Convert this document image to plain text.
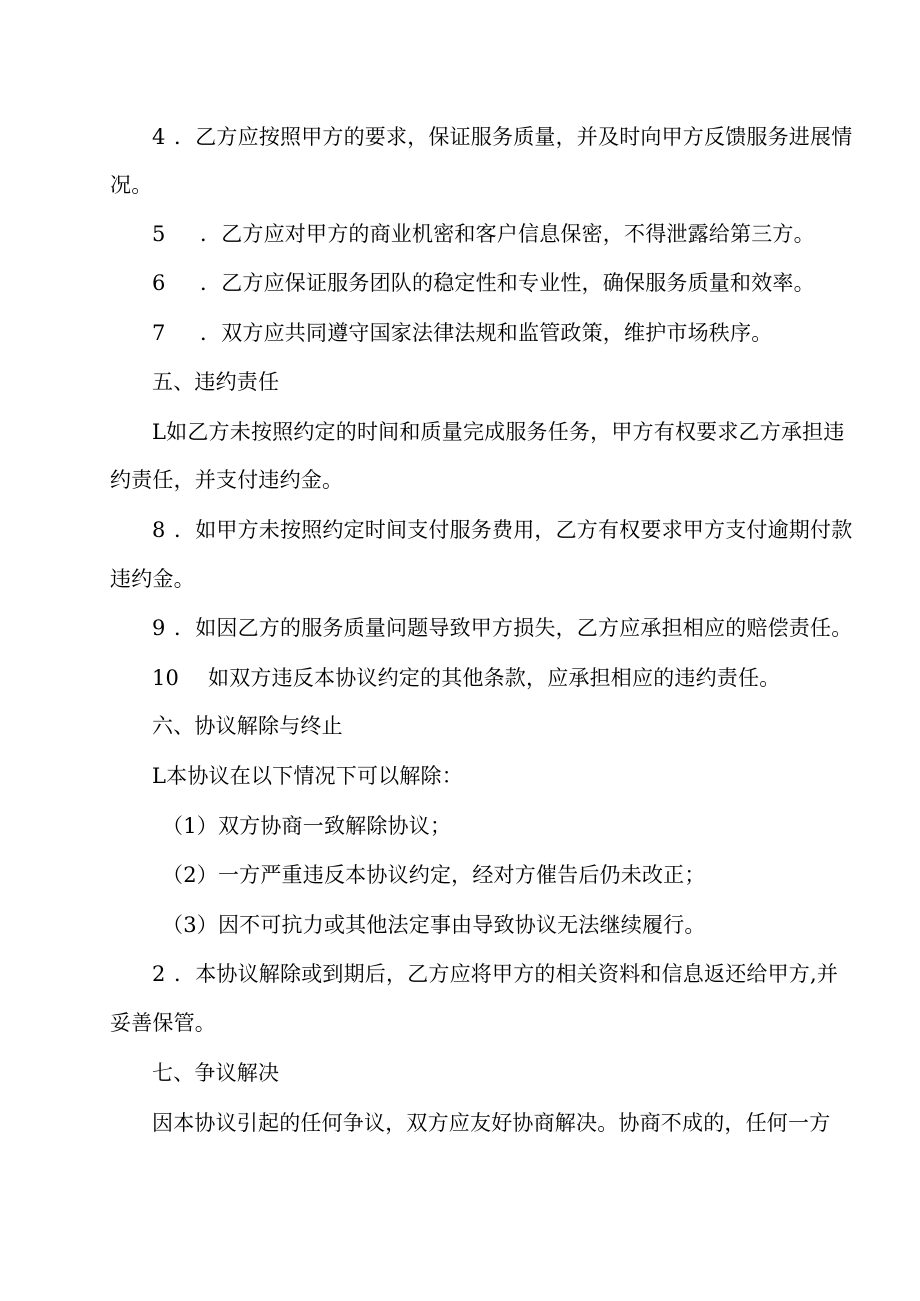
4 ．乙方应按照甲方的要求，保证服务质量，并及时向甲方反馈服务进展情
况。
5 ．乙方应对甲方的商业机密和客户信息保密，不得泄露给第三方。
6 ．乙方应保证服务团队的稳定性和专业性，确保服务质量和效率。
7 ．双方应共同遵守国家法律法规和监管政策，维护市场秩序。
五、违约责任
L如乙方未按照约定的时间和质量完成服务任务，甲方有权要求乙方承担违
约责任，并支付违约金。
8 ．如甲方未按照约定时间支付服务费用，乙方有权要求甲方支付逾期付款
违约金。
9 ．如因乙方的服务质量问题导致甲方损失，乙方应承担相应的赔偿责任。
10 如双方违反本协议约定的其他条款，应承担相应的违约责任。
六、协议解除与终止
L本协议在以下情况下可以解除：
（1）双方协商一致解除协议；
（2）一方严重违反本协议约定，经对方催告后仍未改正；
（3）因不可抗力或其他法定事由导致协议无法继续履行。
2 ．本协议解除或到期后，乙方应将甲方的相关资料和信息返还给甲方,并
妥善保管。
七、争议解决
因本协议引起的任何争议，双方应友好协商解决。协商不成的，任何一方
